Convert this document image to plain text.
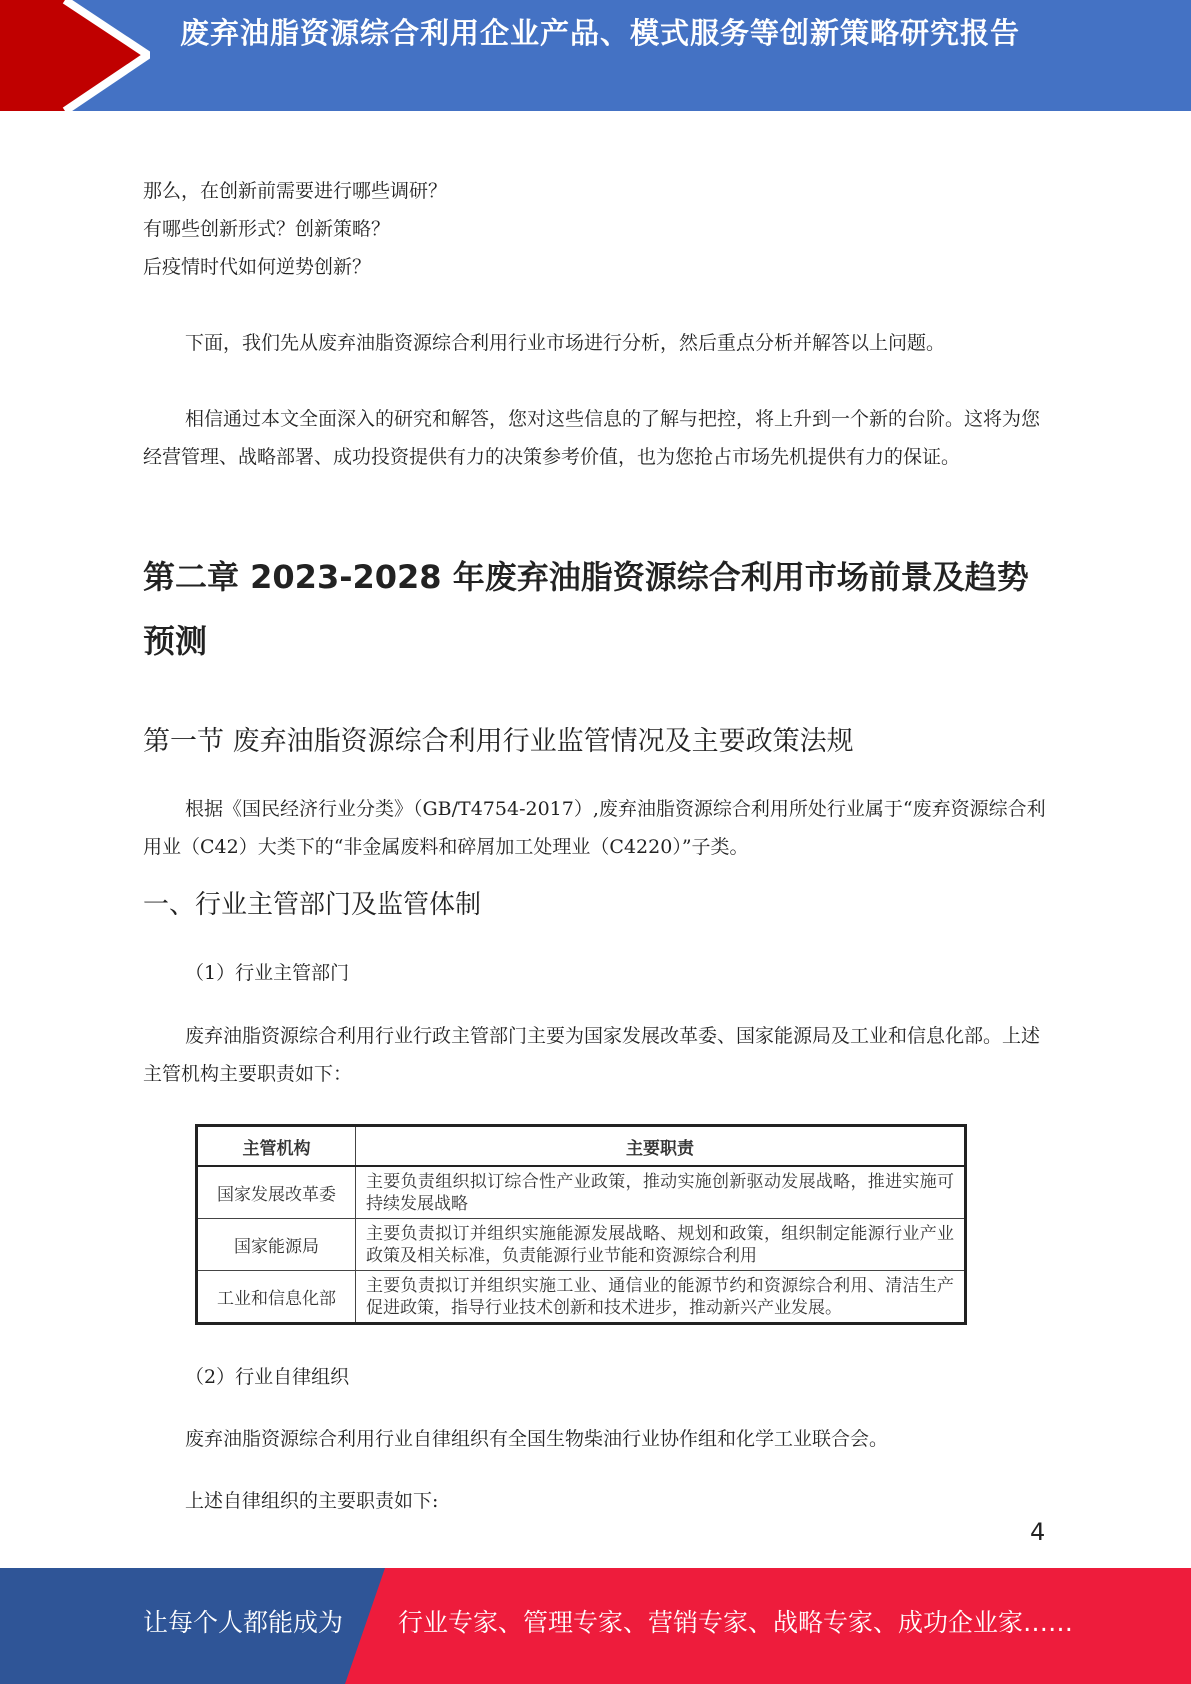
废弃油脂资源综合利用企业产品、模式服务等创新策略研究报告

那么，在创新前需要进行哪些调研？

有哪些创新形式？创新策略？

后疫情时代如何逆势创新？

下面，我们先从废弃油脂资源综合利用行业市场进行分析，然后重点分析并解答以上问题。

相信通过本文全面深入的研究和解答，您对这些信息的了解与把控，将上升到一个新的台阶。这将为您经营管理、战略部署、成功投资提供有力的决策参考价值，也为您抢占市场先机提供有力的保证。

第二章 2023-2028 年废弃油脂资源综合利用市场前景及趋势预测
第一节 废弃油脂资源综合利用行业监管情况及主要政策法规

根据《国民经济行业分类》（GB/T4754-2017）,废弃油脂资源综合利用所处行业属于“废弃资源综合利用业（C42）大类下的“非金属废料和碎屑加工处理业（C4220）”子类。

一、行业主管部门及监管体制

（1）行业主管部门

废弃油脂资源综合利用行业行政主管部门主要为国家发展改革委、国家能源局及工业和信息化部。上述主管机构主要职责如下：

主管机构	主要职责
国家发展改革委	主要负责组织拟订综合性产业政策，推动实施创新驱动发展战略，推进实施可持续发展战略
国家能源局	主要负责拟订并组织实施能源发展战略、规划和政策，组织制定能源行业产业政策及相关标准，负责能源行业节能和资源综合利用
工业和信息化部	主要负责拟订并组织实施工业、通信业的能源节约和资源综合利用、清洁生产促进政策，指导行业技术创新和技术进步，推动新兴产业发展。

（2）行业自律组织

废弃油脂资源综合利用行业自律组织有全国生物柴油行业协作组和化学工业联合会。

上述自律组织的主要职责如下:

4
让每个人都能成为 行业专家、管理专家、营销专家、战略专家、成功企业家……
